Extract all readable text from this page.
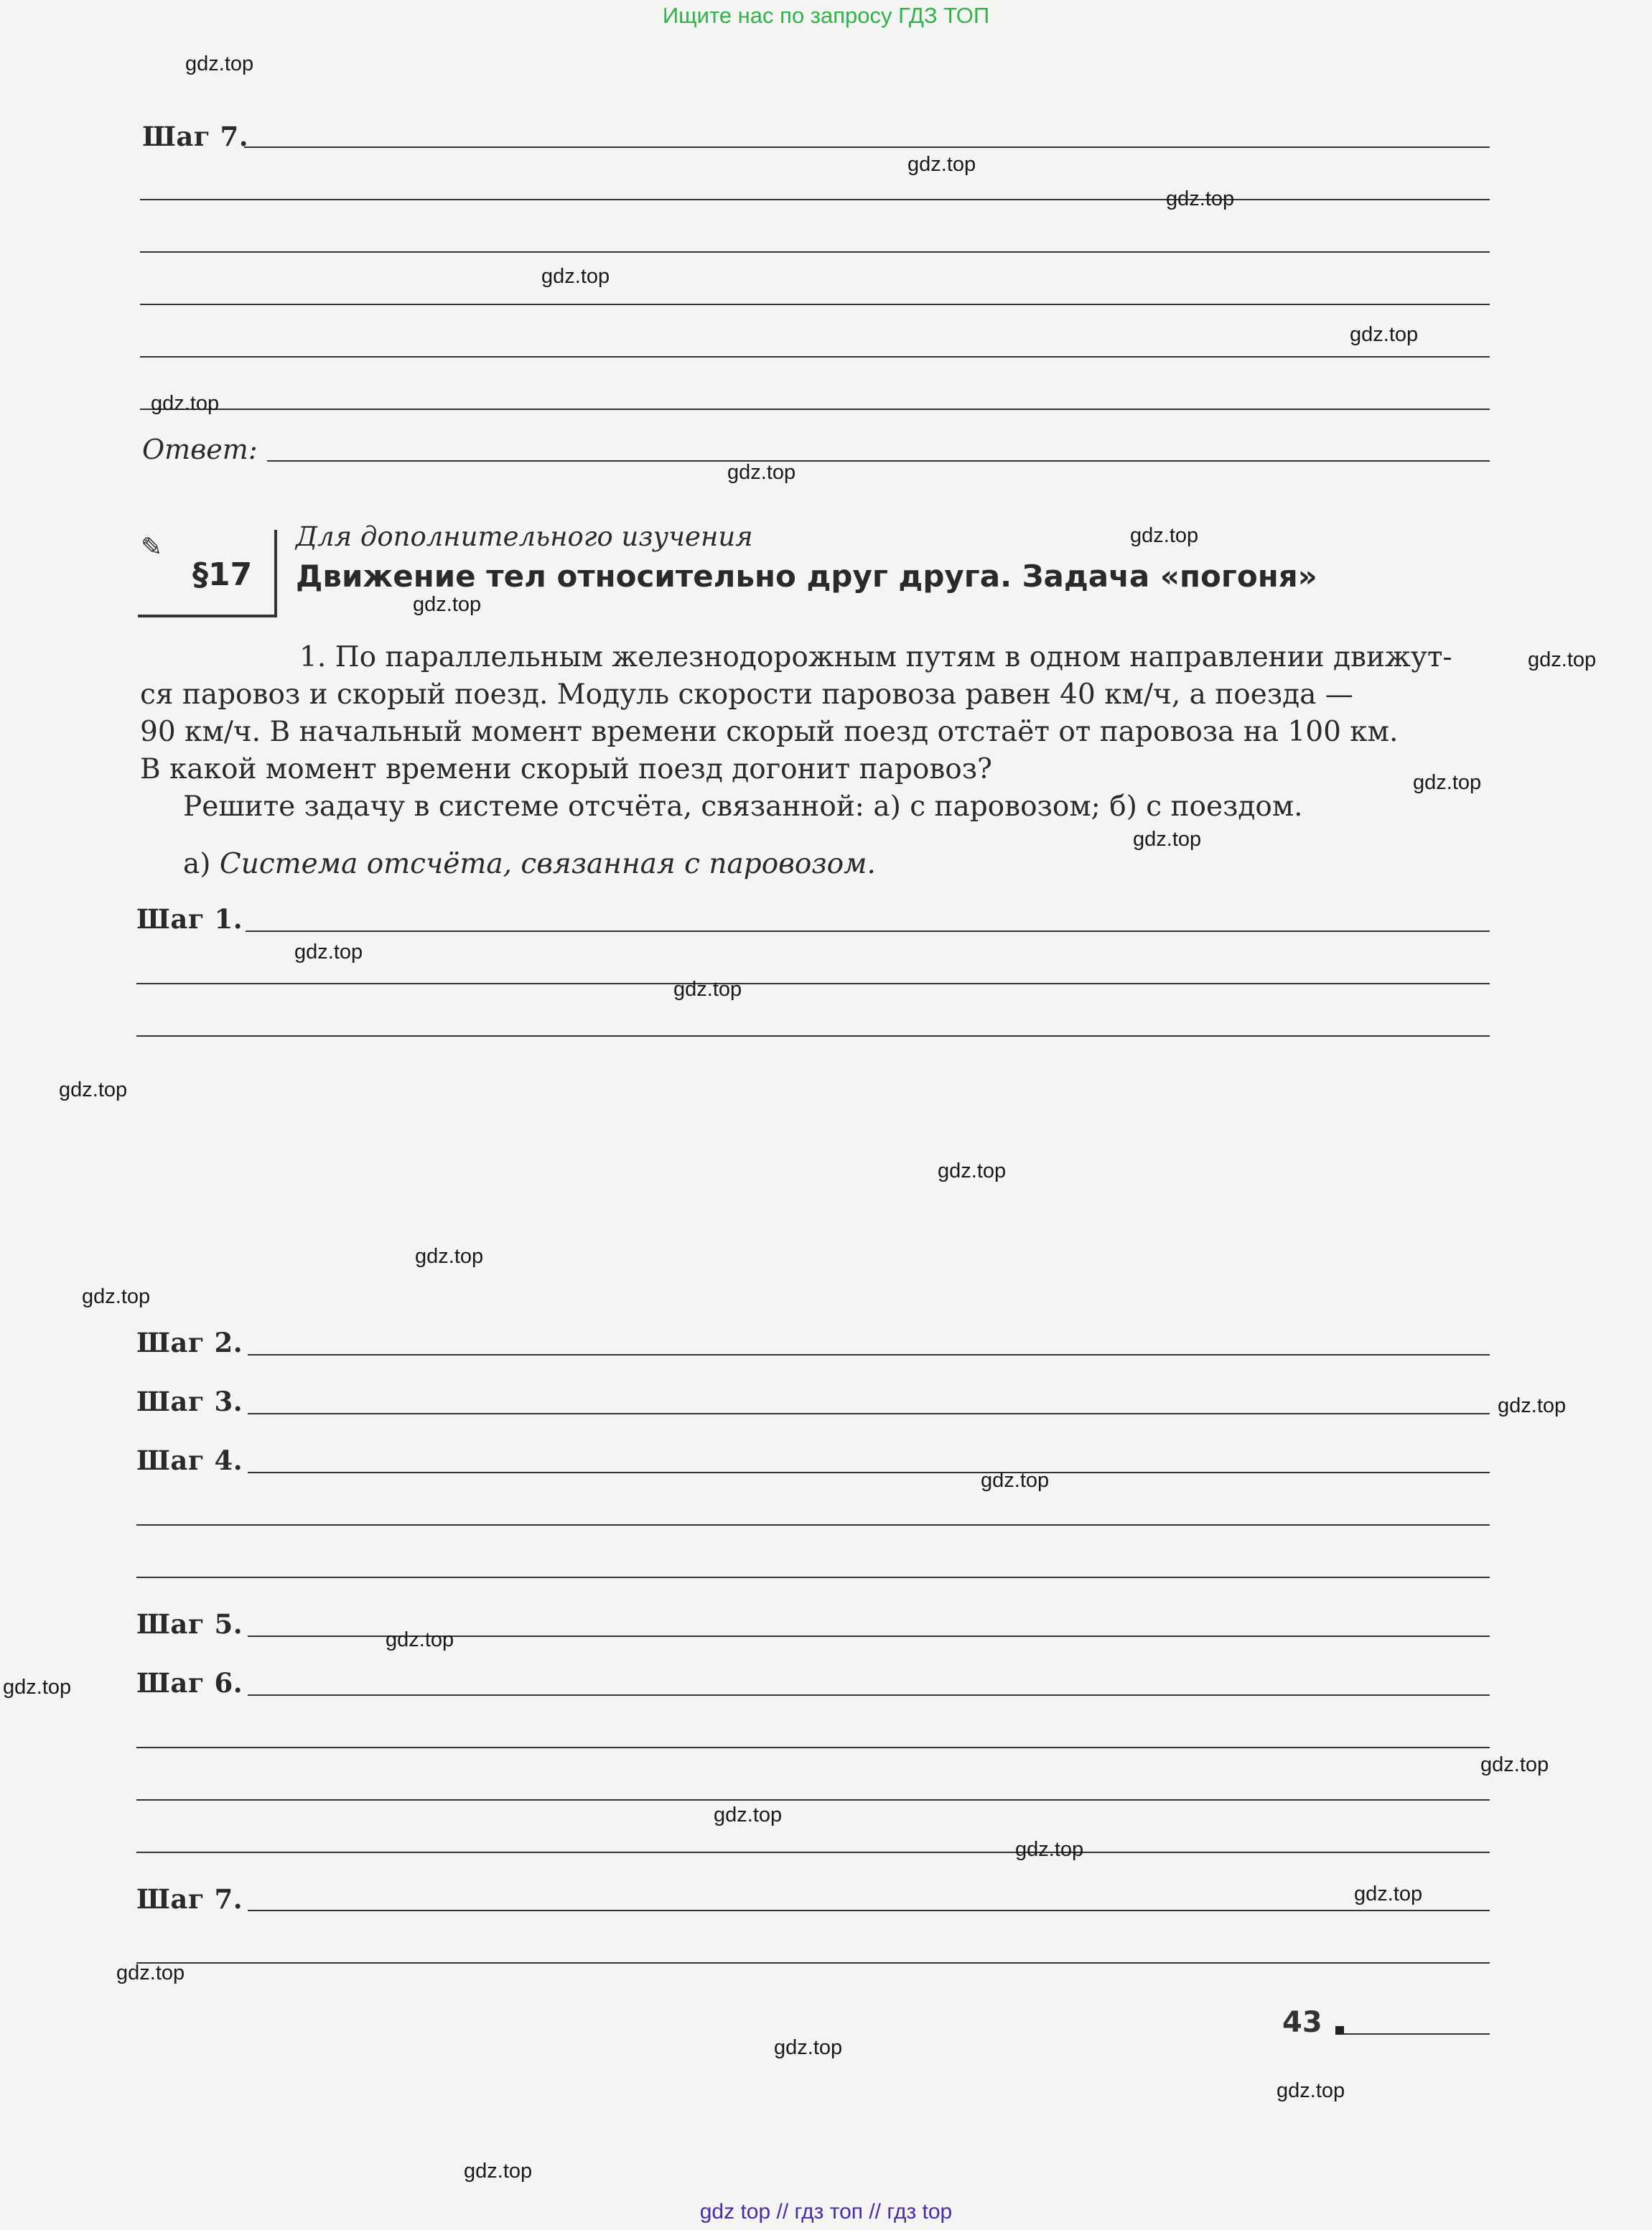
Ищите нас по запросу ГДЗ ТОП
Шаг 7.
Ответ:
✎
§17
Для дополнительного изучения
Движение тел относительно друг друга. Задача «погоня»
1. По параллельным железнодорожным путям в одном направлении движут-
ся паровоз и скорый поезд. Модуль скорости паровоза равен 40 км/ч, а поезда —
90 км/ч. В начальный момент времени скорый поезд отстаёт от паровоза на 100 км.
В какой момент времени скорый поезд догонит паровоз?
Решите задачу в системе отсчёта, связанной: а) с паровозом; б) с поездом.
а) Система отсчёта, связанная с паровозом.
Шаг 1.
Шаг 2.
Шаг 3.
Шаг 4.
Шаг 5.
Шаг 6.
Шаг 7.
43
gdz.top
gdz.top
gdz.top
gdz.top
gdz.top
gdz.top
gdz.top
gdz.top
gdz.top
gdz.top
gdz.top
gdz.top
gdz.top
gdz.top
gdz.top
gdz.top
gdz.top
gdz.top
gdz.top
gdz.top
gdz.top
gdz.top
gdz.top
gdz.top
gdz.top
gdz.top
gdz.top
gdz.top
gdz.top
gdz.top
gdz top // гдз топ // гдз top
